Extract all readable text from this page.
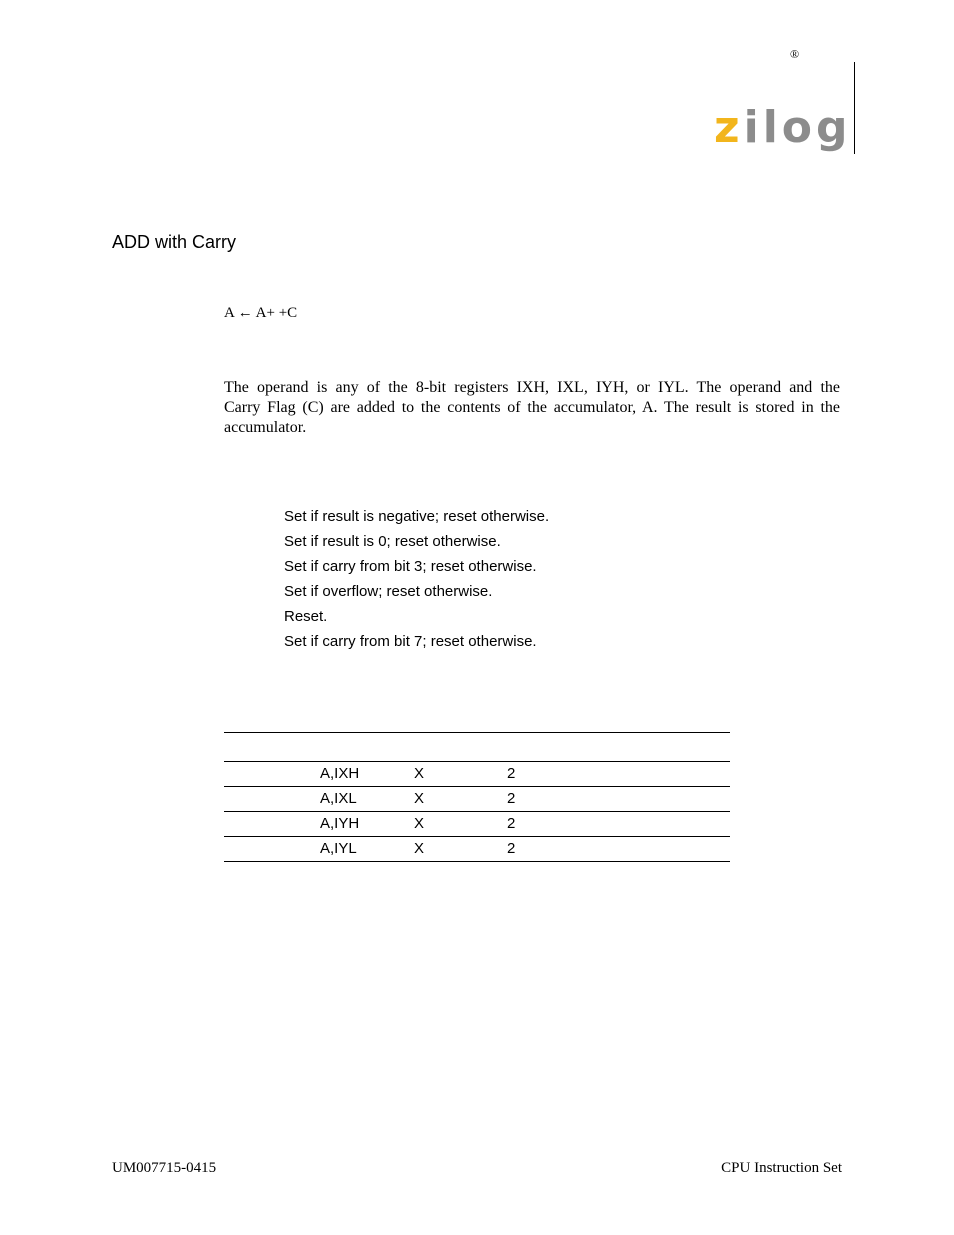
®
zilog
ADD with Carry
A ← A+ +C
The operand is any of the 8-bit registers IXH, IXL, IYH, or IYL. The operand and the
Carry Flag (C) are added to the contents of the accumulator, A. The result is stored in the
accumulator.
Set if result is negative; reset otherwise.
Set if result is 0; reset otherwise.
Set if carry from bit 3; reset otherwise.
Set if overflow; reset otherwise.
Reset.
Set if carry from bit 7; reset otherwise.
A,IXH	X	2
A,IXL	X	2
A,IYH	X	2
A,IYL	X	2
UM007715-0415	CPU Instruction Set
